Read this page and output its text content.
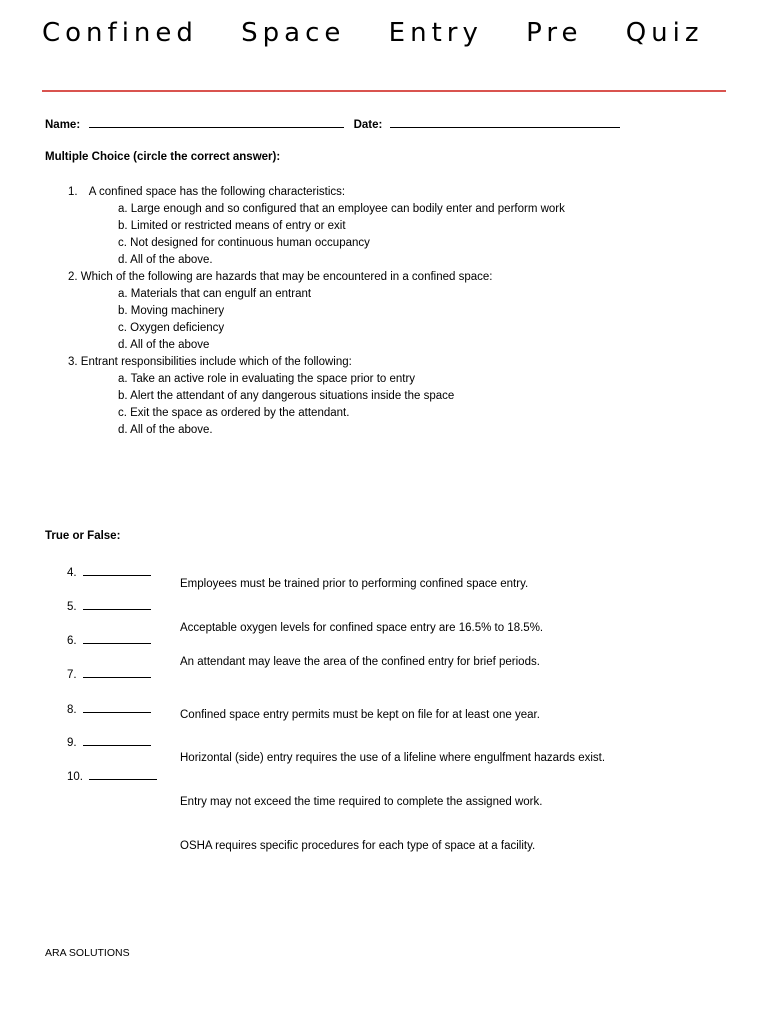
Confined Space Entry Pre Quiz
Name:	Date:
Multiple Choice (circle the correct answer):
1. A confined space has the following characteristics:
a. Large enough and so configured that an employee can bodily enter and perform work
b. Limited or restricted means of entry or exit
c. Not designed for continuous human occupancy
d. All of the above.
2. Which of the following are hazards that may be encountered in a confined space:
a. Materials that can engulf an entrant
b. Moving machinery
c. Oxygen deficiency
d. All of the above
3. Entrant responsibilities include which of the following:
a. Take an active role in evaluating the space prior to entry
b. Alert the attendant of any dangerous situations inside the space
c. Exit the space as ordered by the attendant.
d. All of the above.
True or False:
4.
5.
6.
7.
8.
9.
10.
Employees must be trained prior to performing confined space entry.
Acceptable oxygen levels for confined space entry are 16.5% to 18.5%.
An attendant may leave the area of the confined entry for brief periods.
Confined space entry permits must be kept on file for at least one year.
Horizontal (side) entry requires the use of a lifeline where engulfment hazards exist.
Entry may not exceed the time required to complete the assigned work.
OSHA requires specific procedures for each type of space at a facility.
ARA SOLUTIONS
